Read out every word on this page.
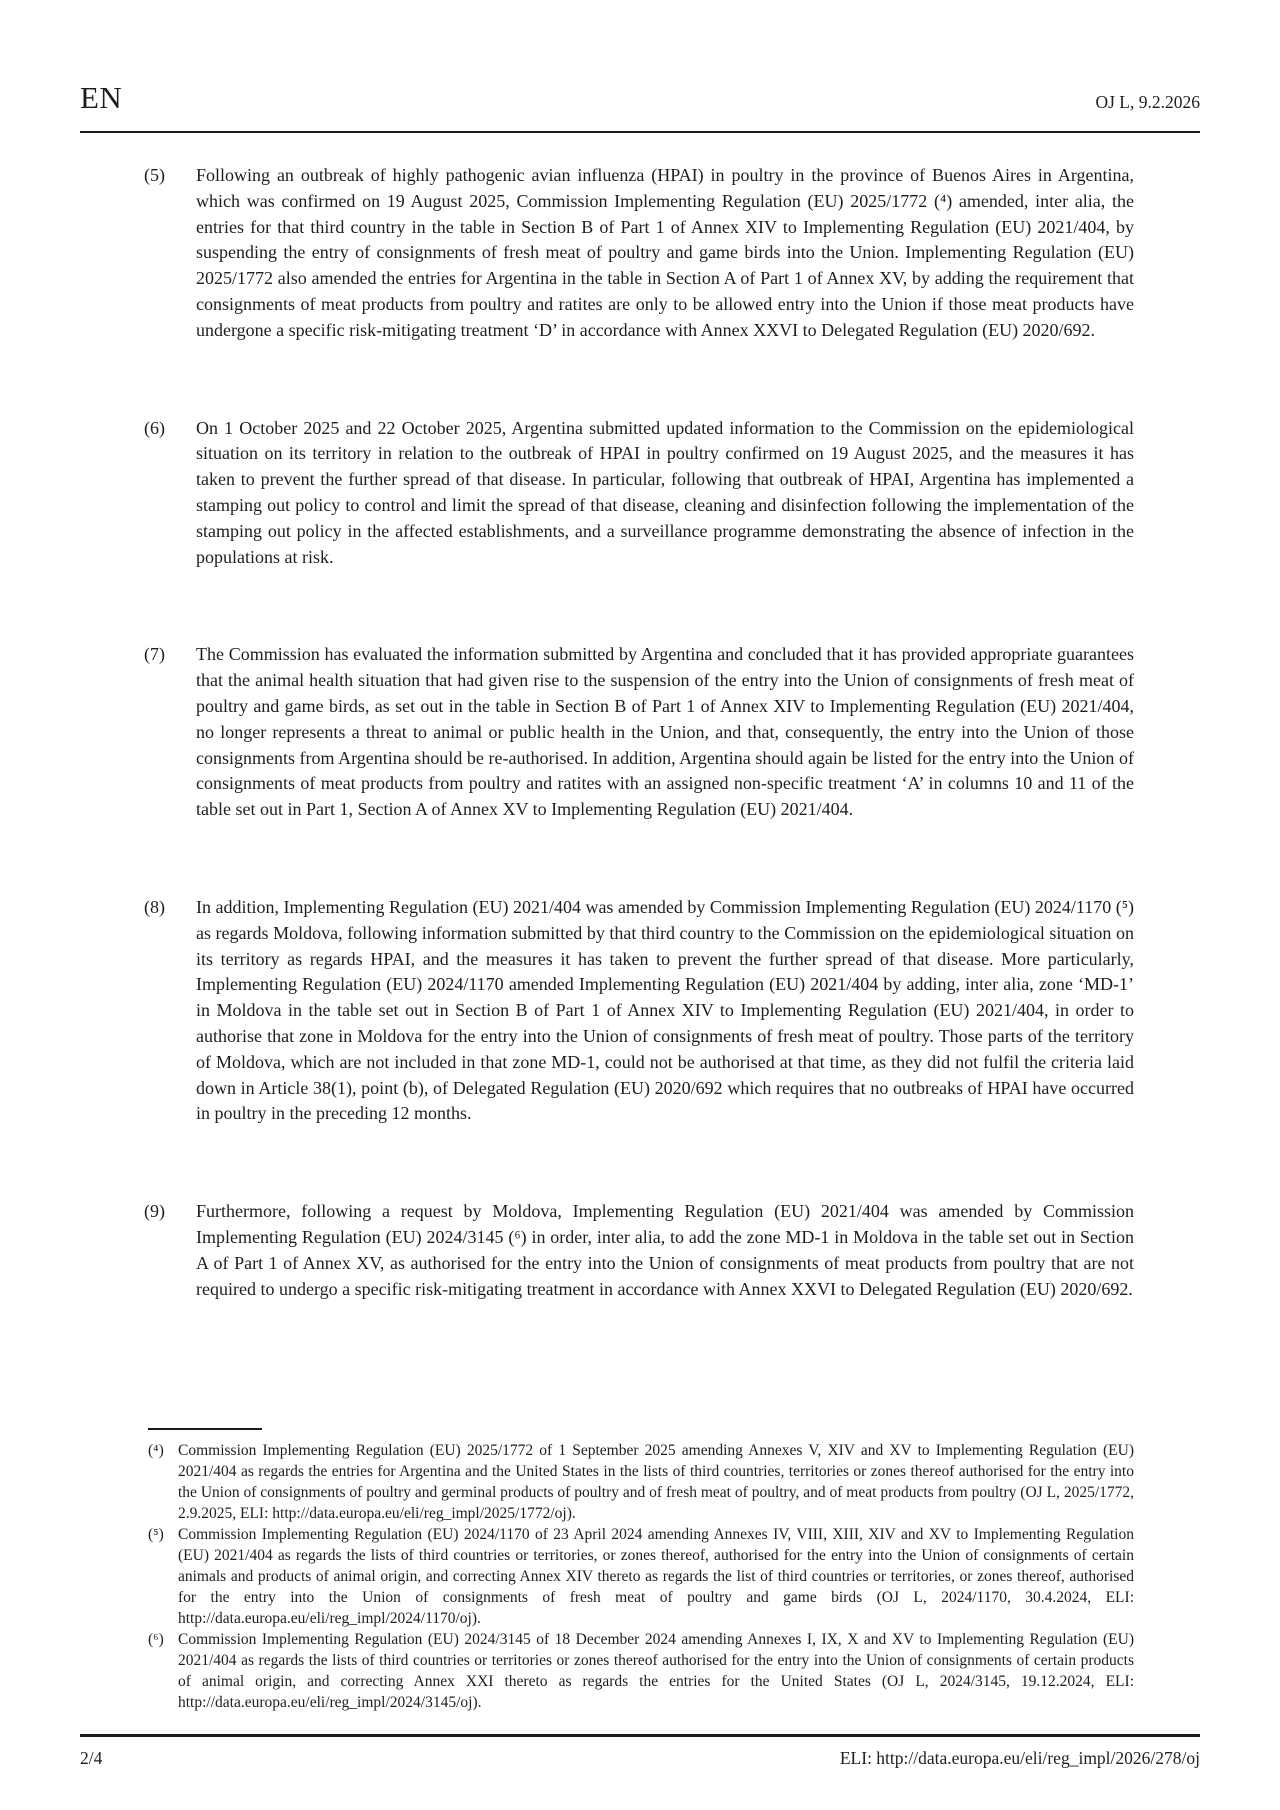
EN	OJ L, 9.2.2026
(5)	Following an outbreak of highly pathogenic avian influenza (HPAI) in poultry in the province of Buenos Aires in Argentina, which was confirmed on 19 August 2025, Commission Implementing Regulation (EU) 2025/1772 (⁴) amended, inter alia, the entries for that third country in the table in Section B of Part 1 of Annex XIV to Implementing Regulation (EU) 2021/404, by suspending the entry of consignments of fresh meat of poultry and game birds into the Union. Implementing Regulation (EU) 2025/1772 also amended the entries for Argentina in the table in Section A of Part 1 of Annex XV, by adding the requirement that consignments of meat products from poultry and ratites are only to be allowed entry into the Union if those meat products have undergone a specific risk-mitigating treatment ‘D’ in accordance with Annex XXVI to Delegated Regulation (EU) 2020/692.
(6)	On 1 October 2025 and 22 October 2025, Argentina submitted updated information to the Commission on the epidemiological situation on its territory in relation to the outbreak of HPAI in poultry confirmed on 19 August 2025, and the measures it has taken to prevent the further spread of that disease. In particular, following that outbreak of HPAI, Argentina has implemented a stamping out policy to control and limit the spread of that disease, cleaning and disinfection following the implementation of the stamping out policy in the affected establishments, and a surveillance programme demonstrating the absence of infection in the populations at risk.
(7)	The Commission has evaluated the information submitted by Argentina and concluded that it has provided appropriate guarantees that the animal health situation that had given rise to the suspension of the entry into the Union of consignments of fresh meat of poultry and game birds, as set out in the table in Section B of Part 1 of Annex XIV to Implementing Regulation (EU) 2021/404, no longer represents a threat to animal or public health in the Union, and that, consequently, the entry into the Union of those consignments from Argentina should be re-authorised. In addition, Argentina should again be listed for the entry into the Union of consignments of meat products from poultry and ratites with an assigned non-specific treatment ‘A’ in columns 10 and 11 of the table set out in Part 1, Section A of Annex XV to Implementing Regulation (EU) 2021/404.
(8)	In addition, Implementing Regulation (EU) 2021/404 was amended by Commission Implementing Regulation (EU) 2024/1170 (⁵) as regards Moldova, following information submitted by that third country to the Commission on the epidemiological situation on its territory as regards HPAI, and the measures it has taken to prevent the further spread of that disease. More particularly, Implementing Regulation (EU) 2024/1170 amended Implementing Regulation (EU) 2021/404 by adding, inter alia, zone ‘MD-1’ in Moldova in the table set out in Section B of Part 1 of Annex XIV to Implementing Regulation (EU) 2021/404, in order to authorise that zone in Moldova for the entry into the Union of consignments of fresh meat of poultry. Those parts of the territory of Moldova, which are not included in that zone MD-1, could not be authorised at that time, as they did not fulfil the criteria laid down in Article 38(1), point (b), of Delegated Regulation (EU) 2020/692 which requires that no outbreaks of HPAI have occurred in poultry in the preceding 12 months.
(9)	Furthermore, following a request by Moldova, Implementing Regulation (EU) 2021/404 was amended by Commission Implementing Regulation (EU) 2024/3145 (⁶) in order, inter alia, to add the zone MD-1 in Moldova in the table set out in Section A of Part 1 of Annex XV, as authorised for the entry into the Union of consignments of meat products from poultry that are not required to undergo a specific risk-mitigating treatment in accordance with Annex XXVI to Delegated Regulation (EU) 2020/692.
(⁴) Commission Implementing Regulation (EU) 2025/1772 of 1 September 2025 amending Annexes V, XIV and XV to Implementing Regulation (EU) 2021/404 as regards the entries for Argentina and the United States in the lists of third countries, territories or zones thereof authorised for the entry into the Union of consignments of poultry and germinal products of poultry and of fresh meat of poultry, and of meat products from poultry (OJ L, 2025/1772, 2.9.2025, ELI: http://data.europa.eu/eli/reg_impl/2025/1772/oj).
(⁵) Commission Implementing Regulation (EU) 2024/1170 of 23 April 2024 amending Annexes IV, VIII, XIII, XIV and XV to Implementing Regulation (EU) 2021/404 as regards the lists of third countries or territories, or zones thereof, authorised for the entry into the Union of consignments of certain animals and products of animal origin, and correcting Annex XIV thereto as regards the list of third countries or territories, or zones thereof, authorised for the entry into the Union of consignments of fresh meat of poultry and game birds (OJ L, 2024/1170, 30.4.2024, ELI: http://data.europa.eu/eli/reg_impl/2024/1170/oj).
(⁶) Commission Implementing Regulation (EU) 2024/3145 of 18 December 2024 amending Annexes I, IX, X and XV to Implementing Regulation (EU) 2021/404 as regards the lists of third countries or territories or zones thereof authorised for the entry into the Union of consignments of certain products of animal origin, and correcting Annex XXI thereto as regards the entries for the United States (OJ L, 2024/3145, 19.12.2024, ELI: http://data.europa.eu/eli/reg_impl/2024/3145/oj).
2/4	ELI: http://data.europa.eu/eli/reg_impl/2026/278/oj
